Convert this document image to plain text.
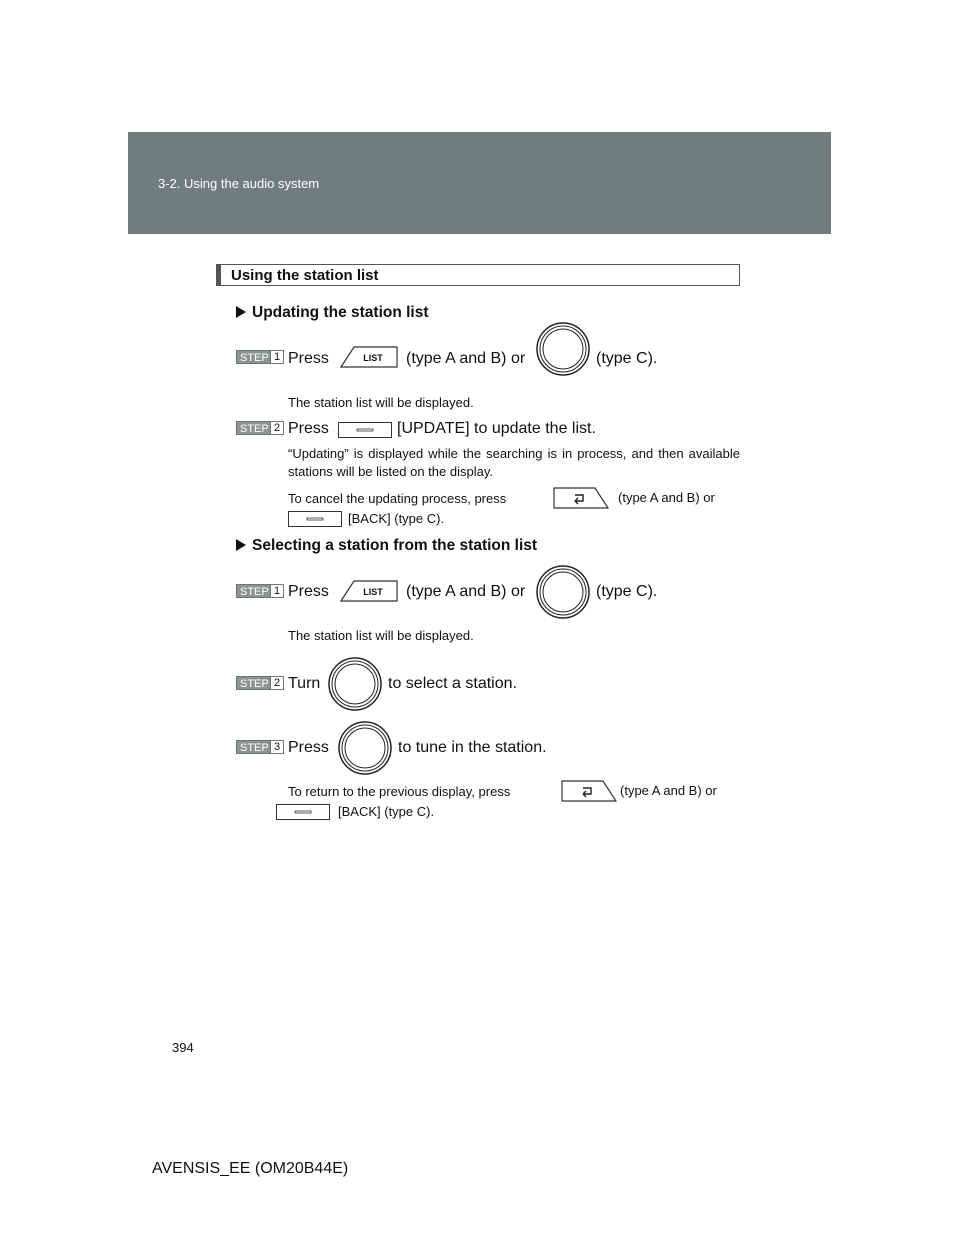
3-2. Using the audio system
Using the station list
Updating the station list
STEP 1 Press	LIST (type A and B) or	(type C).
The station list will be displayed.
STEP 2 Press	[UPDATE] to update the list.
“Updating” is displayed while the searching is in process, and then available stations will be listed on the display.
To cancel the updating process, press	(type A and B) or
[BACK] (type C).
Selecting a station from the station list
STEP 1 Press	LIST (type A and B) or	(type C).
The station list will be displayed.
STEP 2 Turn	to select a station.
STEP 3 Press	to tune in the station.
To return to the previous display, press	(type A and B) or
[BACK] (type C).
394
AVENSIS_EE (OM20B44E)
